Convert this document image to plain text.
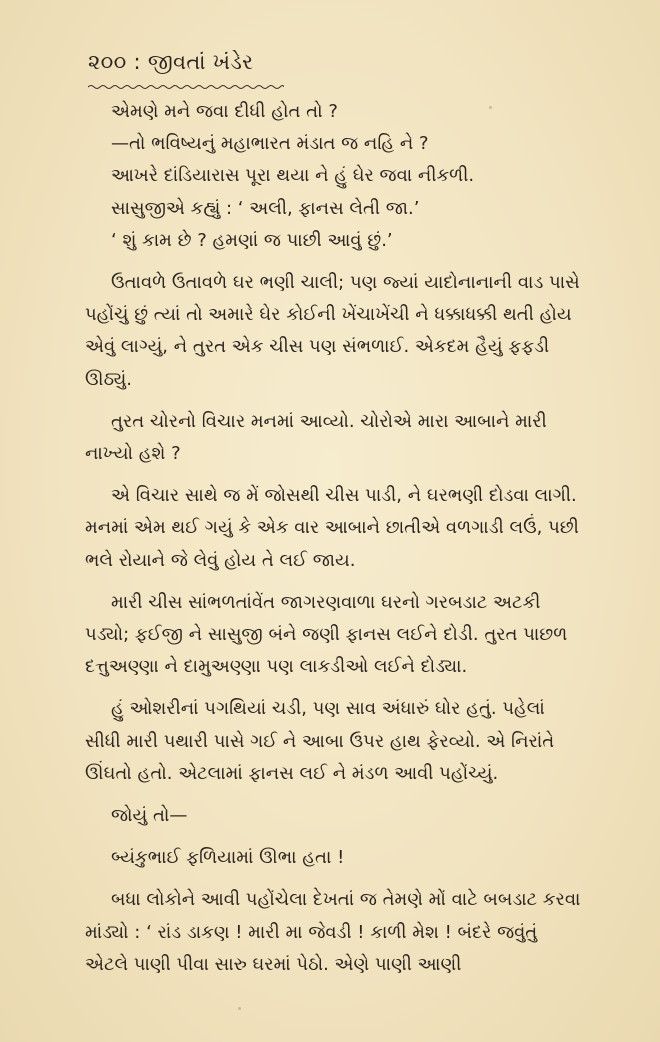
૨૦૦ : જીવતાં ખંડેર

એમણે મને જવા દીધી હોત તો ?

—તો ભવિષ્યનું મહાભારત મંડાત જ નહિ ને ?

આખરે દાંડિયારાસ પૂરા થયા ને હું ઘેર જવા નીકળી.

સાસુજીએ કહ્યું : ‘ અલી, ફાનસ લેતી જા.’

‘ શું કામ છે ? હમણાં જ પાછી આવું છું.’

ઉતાવળે ઉતાવળે ઘર ભણી ચાલી; પણ જ્યાં યાદોનાનાની વાડ પાસે પહોંચું છું ત્યાં તો અમારે ઘેર કોઈની ખેંચાખેંચી ને ધક્કાધક્કી થતી હોય એવું લાગ્યું, ને તુરત એક ચીસ પણ સંભળાઈ. એકદમ હૈયું ફફડી ઊઠ્યું.

તુરત ચોરનો વિચાર મનમાં આવ્યો. ચોરોએ મારા આબાને મારી નાખ્યો હશે ?

એ વિચાર સાથે જ મેં જોસથી ચીસ પાડી, ને ઘરભણી દોડવા લાગી. મનમાં એમ થઈ ગયું કે એક વાર આબાને છાતીએ વળગાડી લઉં, પછી ભલે રોયાને જે લેવું હોય તે લઈ જાય.

મારી ચીસ સાંભળતાંવેંત જાગરણવાળા ઘરનો ગરબડાટ અટકી પડ્યો; ફઈજી ને સાસુજી બંને જણી ફાનસ લઈને દોડી. તુરત પાછળ દત્તુઅણ્ણા ને દામુઅણ્ણા પણ લાકડીઓ લઈને દોડ્યા.

હું ઓશરીનાં પગથિયાં ચડી, પણ સાવ અંધારું ઘોર હતું. પહેલાં સીધી મારી પથારી પાસે ગઈ ને આબા ઉપર હાથ ફેરવ્યો. એ નિરાંતે ઊંઘતો હતો. એટલામાં ફાનસ લઈ ને મંડળ આવી પહોંચ્યું.

જોયું તો—

બ્યંકુભાઈ ફળિયામાં ઊભા હતા !

બધા લોકોને આવી પહોંચેલા દેખતાં જ તેમણે મોં વાટે બબડાટ કરવા માંડ્યો : ‘ રાંડ ડાકણ ! મારી મા જેવડી ! કાળી મેશ ! બંદરે જવુંતું એટલે પાણી પીવા સારુ ઘરમાં પેઠો. એણે પાણી આણી
